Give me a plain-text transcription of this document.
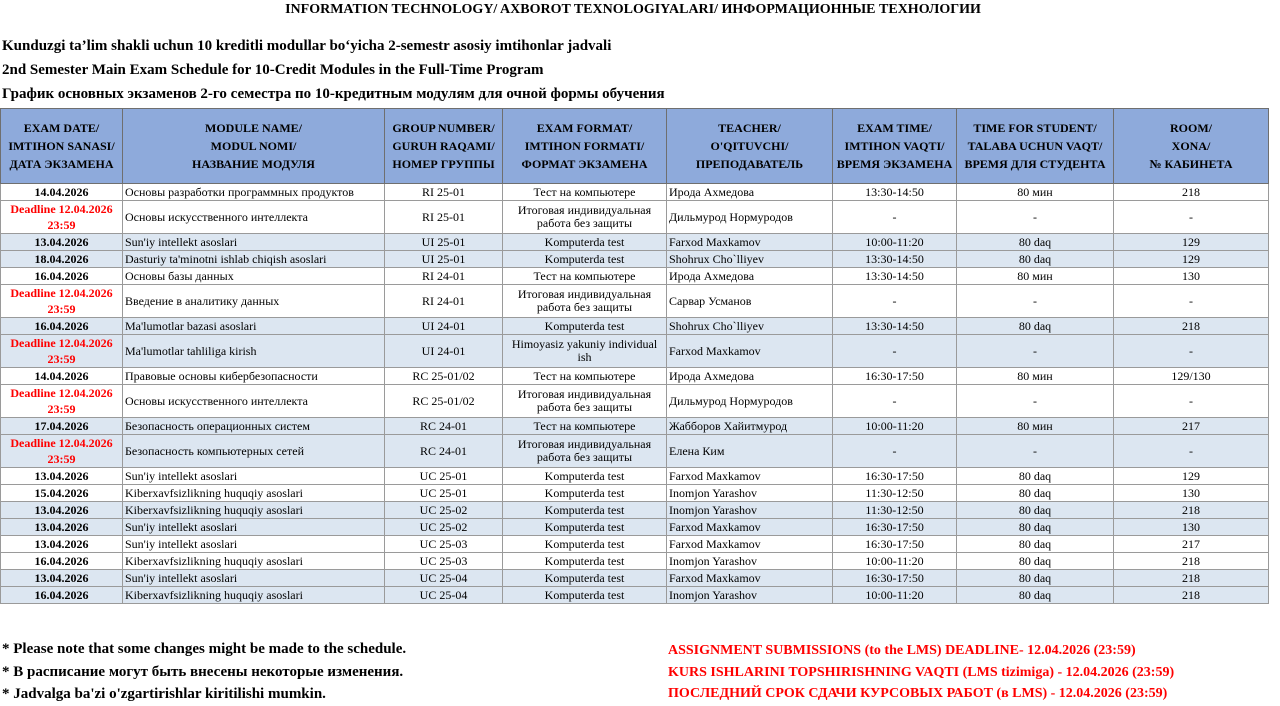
INFORMATION TECHNOLOGY/ AXBOROT TEXNOLOGIYALARI/ ИНФОРМАЦИОННЫЕ ТЕХНОЛОГИИ
Kunduzgi ta’lim shakli uchun 10 kreditli modullar bo‘yicha 2-semestr asosiy imtihonlar jadvali
2nd Semester Main Exam Schedule for 10-Credit Modules in the Full-Time Program
График основных экзаменов 2-го семестра по 10-кредитным модулям для очной формы обучения
EXAM DATE/
IMTIHON SANASI/
ДАТА ЭКЗАМЕНА	MODULE NAME/
MODUL NOMI/
НАЗВАНИЕ МОДУЛЯ	GROUP NUMBER/
GURUH RAQAMI/
НОМЕР ГРУППЫ	EXAM FORMAT/
IMTIHON FORMATI/
ФОРМАТ ЭКЗАМЕНА	TEACHER/
O'QITUVCHI/
ПРЕПОДАВАТЕЛЬ	EXAM TIME/
IMTIHON VAQTI/
ВРЕМЯ ЭКЗАМЕНА	TIME FOR STUDENT/
TALABA UCHUN VAQT/
ВРЕМЯ ДЛЯ СТУДЕНТА	ROOM/
XONA/
№ КАБИНЕТА

14.04.2026	Основы разработки программных продуктов	RI 25-01	Тест на компьютере	Ирода Ахмедова	13:30-14:50	80 мин	218
Deadline 12.04.2026 23:59	Основы искусственного интеллекта	RI 25-01	Итоговая индивидуальная работа без защиты	Дильмурод Нормуродов	-	-	-
13.04.2026	Sun'iy intellekt asoslari	UI 25-01	Komputerda test	Farxod Maxkamov	10:00-11:20	80 daq	129
18.04.2026	Dasturiy ta'minotni ishlab chiqish asoslari	UI 25-01	Komputerda test	Shohrux Cho`lliyev	13:30-14:50	80 daq	129
16.04.2026	Основы базы данных	RI 24-01	Тест на компьютере	Ирода Ахмедова	13:30-14:50	80 мин	130
Deadline 12.04.2026 23:59	Введение в аналитику данных	RI 24-01	Итоговая индивидуальная работа без защиты	Сарвар Усманов	-	-	-
16.04.2026	Ma'lumotlar bazasi asoslari	UI 24-01	Komputerda test	Shohrux Cho`lliyev	13:30-14:50	80 daq	218
Deadline 12.04.2026 23:59	Ma'lumotlar tahliliga kirish	UI 24-01	Himoyasiz yakuniy individual ish	Farxod Maxkamov	-	-	-
14.04.2026	Правовые основы кибербезопасности	RC 25-01/02	Тест на компьютере	Ирода Ахмедова	16:30-17:50	80 мин	129/130
Deadline 12.04.2026 23:59	Основы искусственного интеллекта	RC 25-01/02	Итоговая индивидуальная работа без защиты	Дильмурод Нормуродов	-	-	-
17.04.2026	Безопасность операционных систем	RC 24-01	Тест на компьютере	Жабборов Хайитмурод	10:00-11:20	80 мин	217
Deadline 12.04.2026 23:59	Безопасность компьютерных сетей	RC 24-01	Итоговая индивидуальная работа без защиты	Елена Ким	-	-	-
13.04.2026	Sun'iy intellekt asoslari	UC 25-01	Komputerda test	Farxod Maxkamov	16:30-17:50	80 daq	129
15.04.2026	Kiberxavfsizlikning huquqiy asoslari	UC 25-01	Komputerda test	Inomjon Yarashov	11:30-12:50	80 daq	130
13.04.2026	Kiberxavfsizlikning huquqiy asoslari	UC 25-02	Komputerda test	Inomjon Yarashov	11:30-12:50	80 daq	218
13.04.2026	Sun'iy intellekt asoslari	UC 25-02	Komputerda test	Farxod Maxkamov	16:30-17:50	80 daq	130
13.04.2026	Sun'iy intellekt asoslari	UC 25-03	Komputerda test	Farxod Maxkamov	16:30-17:50	80 daq	217
16.04.2026	Kiberxavfsizlikning huquqiy asoslari	UC 25-03	Komputerda test	Inomjon Yarashov	10:00-11:20	80 daq	218
13.04.2026	Sun'iy intellekt asoslari	UC 25-04	Komputerda test	Farxod Maxkamov	16:30-17:50	80 daq	218
16.04.2026	Kiberxavfsizlikning huquqiy asoslari	UC 25-04	Komputerda test	Inomjon Yarashov	10:00-11:20	80 daq	218
* Please note that some changes might be made to the schedule.
* В расписание могут быть внесены некоторые изменения.
* Jadvalga ba'zi o'zgartirishlar kiritilishi mumkin.
ASSIGNMENT SUBMISSIONS (to the LMS) DEADLINE- 12.04.2026 (23:59)
KURS ISHLARINI TOPSHIRISHNING VAQTI (LMS tizimiga) - 12.04.2026 (23:59)
ПОСЛЕДНИЙ СРОК СДАЧИ КУРСОВЫХ РАБОТ (в LMS) - 12.04.2026 (23:59)
